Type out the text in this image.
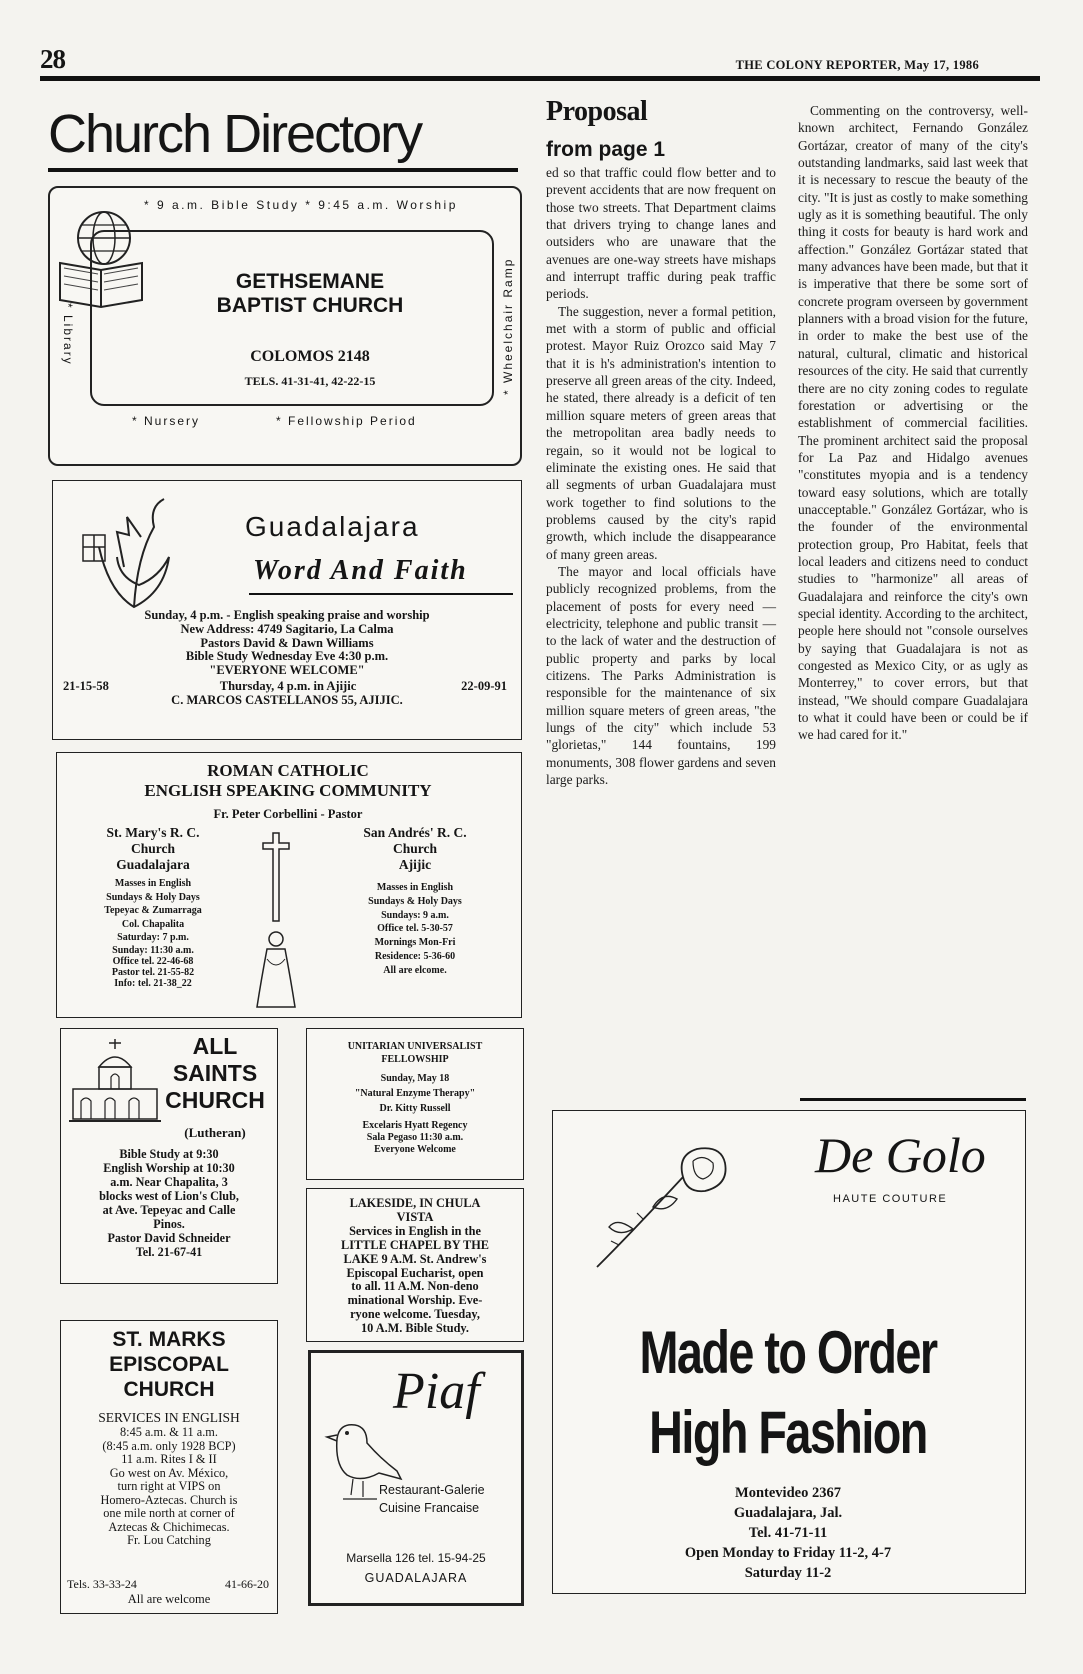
28	THE COLONY REPORTER, May 17, 1986
Church Directory
* 9 a.m. Bible Study * 9:45 a.m. Worship
GETHSEMANE
BAPTIST CHURCH
COLOMOS 2148
TELS. 41-31-41, 42-22-15
* Library	* Wheelchair Ramp
* Nursery	* Fellowship Period
Guadalajara
Word And Faith
Sunday, 4 p.m. - English speaking praise and worship
New Address: 4749 Sagitario, La Calma
Pastors David & Dawn Williams
Bible Study Wednesday Eve 4:30 p.m.
"EVERYONE WELCOME"
21-15-58	Thursday, 4 p.m. in Ajijic	22-09-91
C. MARCOS CASTELLANOS 55, AJIJIC.
ROMAN CATHOLIC
ENGLISH SPEAKING COMMUNITY
Fr. Peter Corbellini - Pastor
St. Mary's R. C.
Church
Guadalajara
Masses in English
Sundays & Holy Days
Tepeyac & Zumarraga
Col. Chapalita
Saturday: 7 p.m.
Sunday: 11:30 a.m.
Office tel. 22-46-68
Pastor tel. 21-55-82
Info: tel. 21-38_22
San Andrés' R. C.
Church
Ajijic
Masses in English
Sundays & Holy Days
Sundays: 9 a.m.
Office tel. 5-30-57
Mornings Mon-Fri
Residence: 5-36-60
All are elcome.
ALL
SAINTS
CHURCH
(Lutheran)
Bible Study at 9:30
English Worship at 10:30
a.m. Near Chapalita, 3
blocks west of Lion's Club,
at Ave. Tepeyac and Calle
Pinos.
Pastor David Schneider
Tel. 21-67-41
UNITARIAN UNIVERSALIST
FELLOWSHIP
Sunday, May 18
"Natural Enzyme Therapy"
Dr. Kitty Russell
Excelaris Hyatt Regency
Sala Pegaso 11:30 a.m.
Everyone Welcome
LAKESIDE, IN CHULA
VISTA
Services in English in the
LITTLE CHAPEL BY THE
LAKE 9 A.M. St. Andrew's
Episcopal Eucharist, open
to all. 11 A.M. Non-deno
minational Worship. Eve-
ryone welcome. Tuesday,
10 A.M. Bible Study.
ST. MARKS
EPISCOPAL
CHURCH
SERVICES IN ENGLISH
8:45 a.m. & 11 a.m.
(8:45 a.m. only 1928 BCP)
11 a.m. Rites I & II
Go west on Av. México,
turn right at VIPS on
Homero-Aztecas. Church is
one mile north at corner of
Aztecas & Chichimecas.
Fr. Lou Catching
Tels. 33-33-24	41-66-20
All are welcome
Piaf
Restaurant-Galerie
Cuisine Francaise
Marsella 126 tel. 15-94-25
GUADALAJARA
Proposal
from page 1

ed so that traffic could flow better and to prevent accidents that are now frequent on those two streets. That Department claims that drivers trying to change lanes and outsiders who are unaware that the avenues are one-way streets have mishaps and interrupt traffic during peak traffic periods.

The suggestion, never a formal petition, met with a storm of public and official protest. Mayor Ruiz Orozco said May 7 that it is h's administration's intention to preserve all green areas of the city. Indeed, he stated, there already is a deficit of ten million square meters of green areas that the metropolitan area badly needs to regain, so it would not be logical to eliminate the existing ones. He said that all segments of urban Guadalajara must work together to find solutions to the problems caused by the city's rapid growth, which include the disappearance of many green areas.

The mayor and local officials have publicly recognized problems, from the placement of posts for every need — electricity, telephone and public transit — to the lack of water and the destruction of public property and parks by local citizens. The Parks Administration is responsible for the maintenance of six million square meters of green areas, "the lungs of the city" which include 53 "glorietas," 144 fountains, 199 monuments, 308 flower gardens and seven large parks.

Commenting on the controversy, well-known architect, Fernando González Gortázar, creator of many of the city's outstanding landmarks, said last week that it is necessary to rescue the beauty of the city. "It is just as costly to make something ugly as it is something beautiful. The only thing it costs for beauty is hard work and affection." González Gortázar stated that many advances have been made, but that it is imperative that there be some sort of concrete program overseen by government planners with a broad vision for the future, in order to make the best use of the natural, cultural, climatic and historical resources of the city. He said that currently there are no city zoning codes to regulate forestation or advertising or the establishment of commercial facilities. The prominent architect said the proposal for La Paz and Hidalgo avenues "constitutes myopia and is a tendency toward easy solutions, which are totally unacceptable." González Gortázar, who is the founder of the environmental protection group, Pro Habitat, feels that local leaders and citizens need to conduct studies to "harmonize" all areas of Guadalajara and reinforce the city's own special identity. According to the architect, people here should not "console ourselves by saying that Guadalajara is not as congested as Mexico City, or as ugly as Monterrey," to cover errors, but that instead, "We should compare Guadalajara to what it could have been or could be if we had cared for it."

De Golo
HAUTE COUTURE
Made to Order
High Fashion
Montevideo 2367
Guadalajara, Jal.
Tel. 41-71-11
Open Monday to Friday 11-2, 4-7
Saturday 11-2
